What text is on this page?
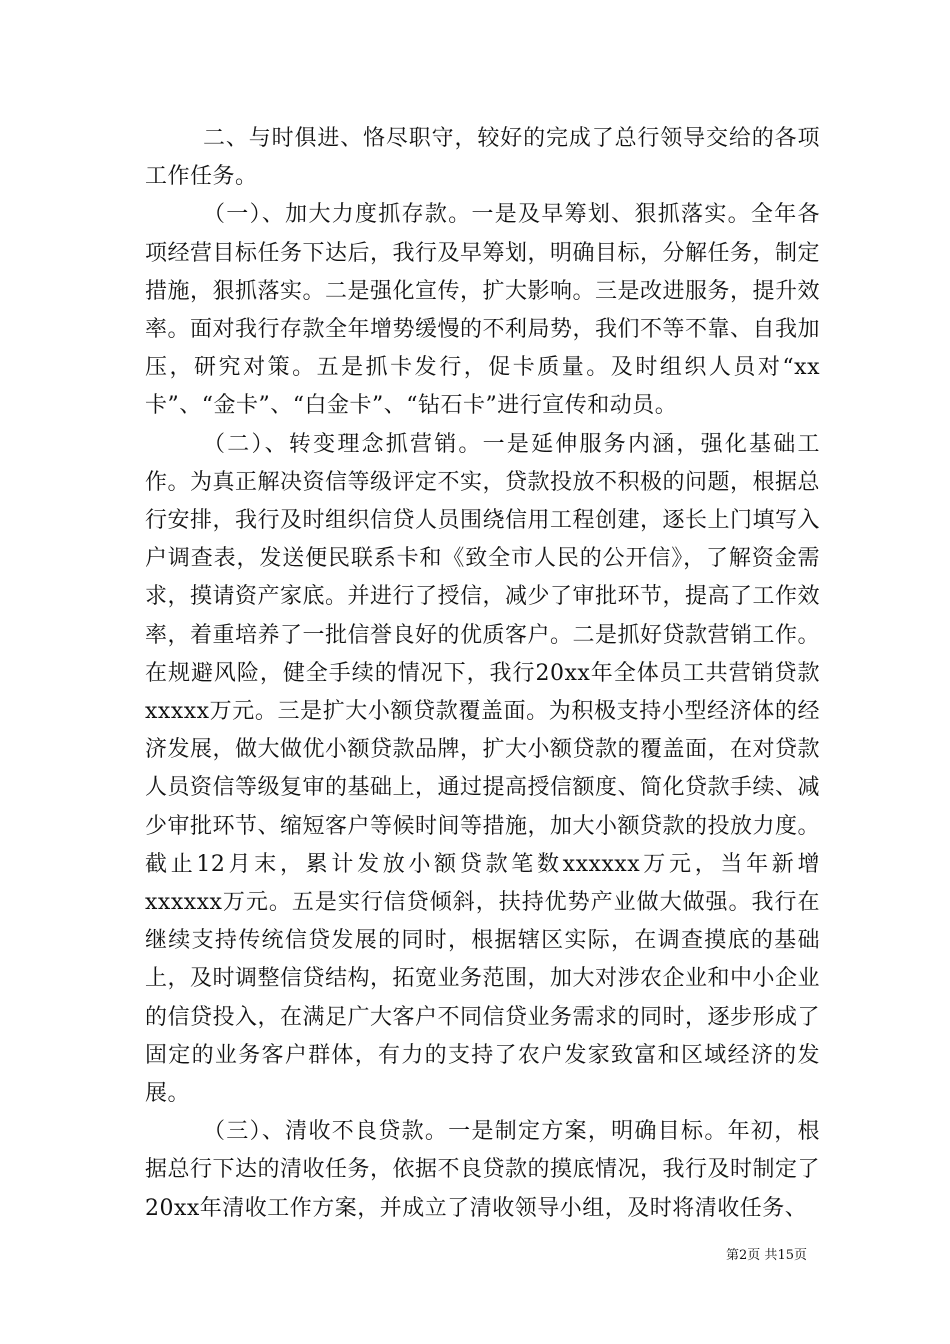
二、与时俱进、恪尽职守，较好的完成了总行领导交给的各项工作任务。

（一）、加大力度抓存款。一是及早筹划、狠抓落实。全年各项经营目标任务下达后，我行及早筹划，明确目标，分解任务，制定措施，狠抓落实。二是强化宣传，扩大影响。三是改进服务，提升效率。面对我行存款全年增势缓慢的不利局势，我们不等不靠、自我加压，研究对策。五是抓卡发行，促卡质量。及时组织人员对“xx卡”、“金卡”、“白金卡”、“钻石卡”进行宣传和动员。

（二）、转变理念抓营销。一是延伸服务内涵，强化基础工作。为真正解决资信等级评定不实，贷款投放不积极的问题，根据总行安排，我行及时组织信贷人员围绕信用工程创建，逐长上门填写入户调查表，发送便民联系卡和《致全市人民的公开信》，了解资金需求，摸请资产家底。并进行了授信，减少了审批环节，提高了工作效率，着重培养了一批信誉良好的优质客户。二是抓好贷款营销工作。在规避风险，健全手续的情况下，我行20xx年全体员工共营销贷款xxxxx万元。三是扩大小额贷款覆盖面。为积极支持小型经济体的经济发展，做大做优小额贷款品牌，扩大小额贷款的覆盖面，在对贷款人员资信等级复审的基础上，通过提高授信额度、简化贷款手续、减少审批环节、缩短客户等候时间等措施，加大小额贷款的投放力度。截止12月末，累计发放小额贷款笔数xxxxxx万元，当年新增xxxxxx万元。五是实行信贷倾斜，扶持优势产业做大做强。我行在继续支持传统信贷发展的同时，根据辖区实际，在调查摸底的基础上，及时调整信贷结构，拓宽业务范围，加大对涉农企业和中小企业的信贷投入，在满足广大客户不同信贷业务需求的同时，逐步形成了固定的业务客户群体，有力的支持了农户发家致富和区域经济的发展。

（三）、清收不良贷款。一是制定方案，明确目标。年初，根据总行下达的清收任务，依据不良贷款的摸底情况，我行及时制定了20xx年清收工作方案，并成立了清收领导小组，及时将清收任务、

第2页 共15页
